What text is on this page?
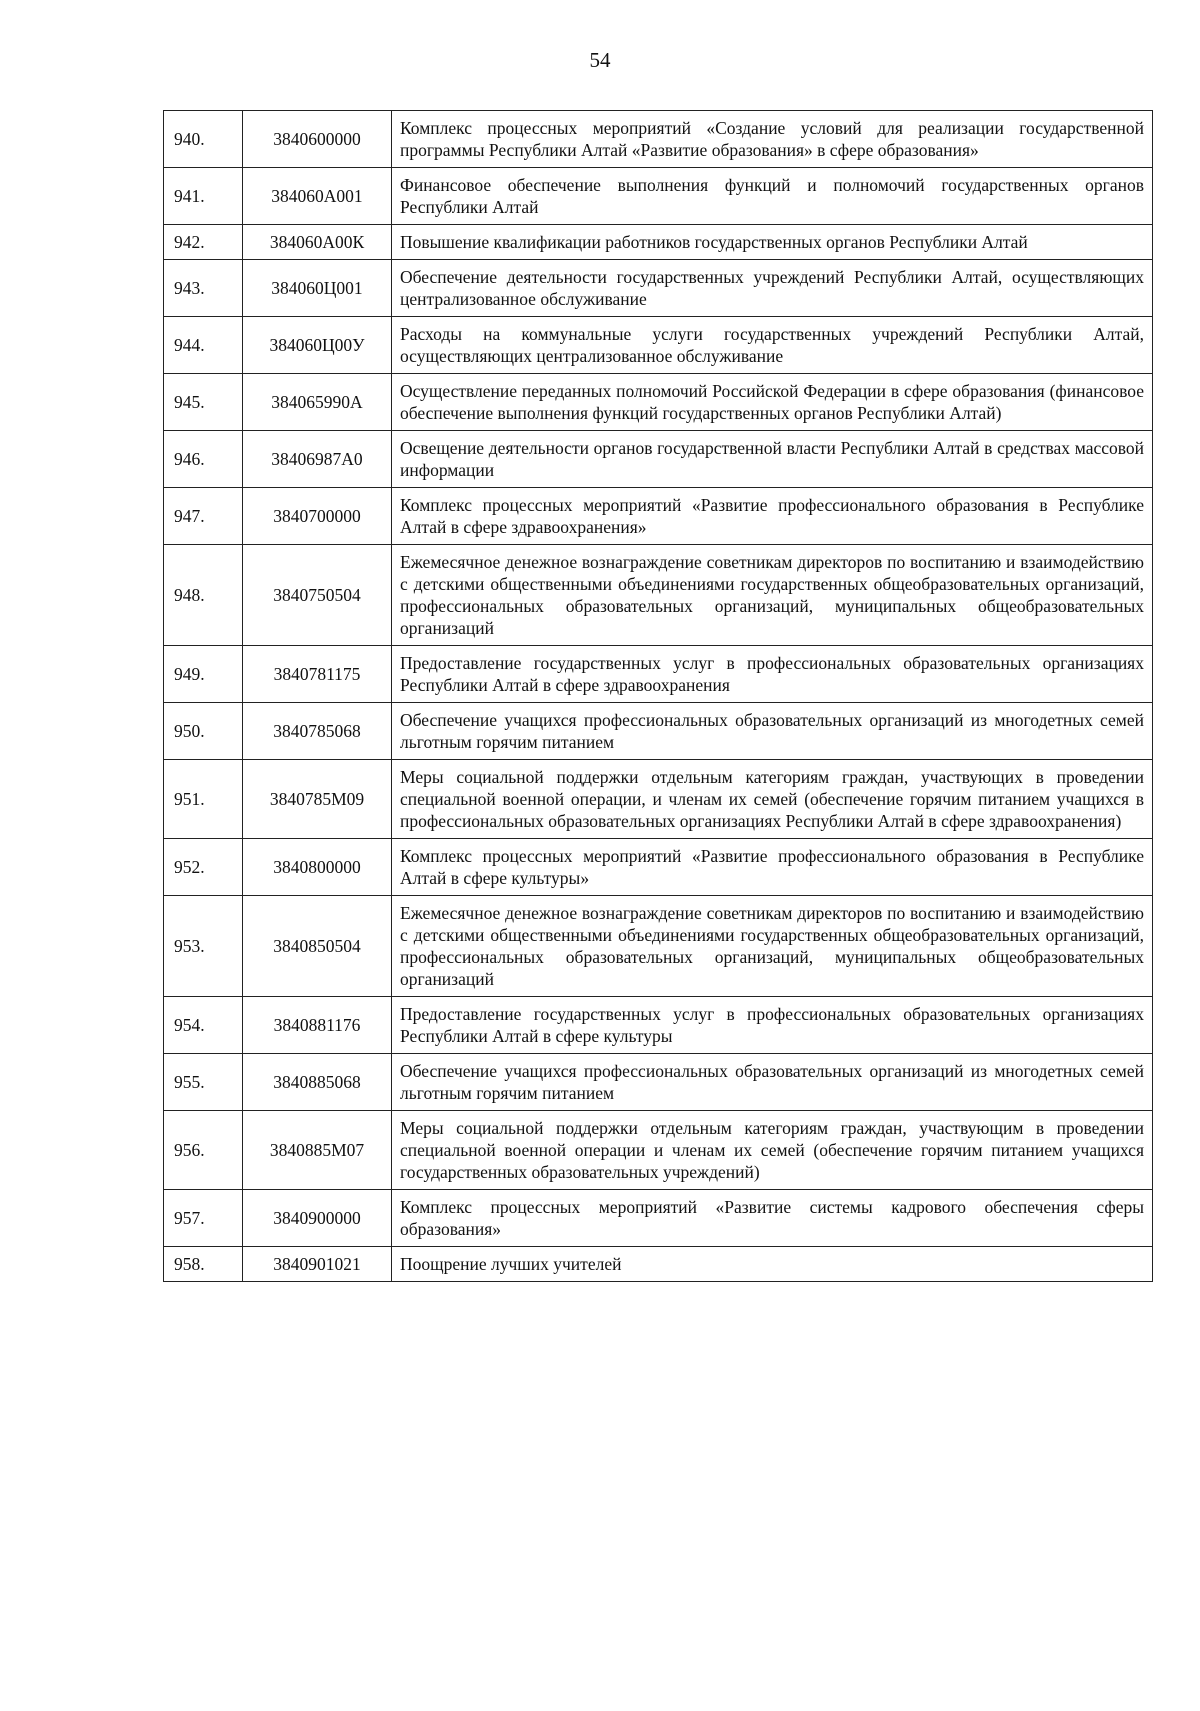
54
940.	3840600000	Комплекс процессных мероприятий «Создание условий для реализации государственной программы Республики Алтай «Развитие образования» в сфере образования»
941.	384060А001	Финансовое обеспечение выполнения функций и полномочий государственных органов Республики Алтай
942.	384060А00К	Повышение квалификации работников государственных органов Республики Алтай
943.	384060Ц001	Обеспечение деятельности государственных учреждений Республики Алтай, осуществляющих централизованное обслуживание
944.	384060Ц00У	Расходы на коммунальные услуги государственных учреждений Республики Алтай, осуществляющих централизованное обслуживание
945.	384065990А	Осуществление переданных полномочий Российской Федерации в сфере образования (финансовое обеспечение выполнения функций государственных органов Республики Алтай)
946.	38406987А0	Освещение деятельности органов государственной власти Республики Алтай в средствах массовой информации
947.	3840700000	Комплекс процессных мероприятий «Развитие профессионального образования в Республике Алтай в сфере здравоохранения»
948.	3840750504	Ежемесячное денежное вознаграждение советникам директоров по воспитанию и взаимодействию с детскими общественными объединениями государственных общеобразовательных организаций, профессиональных образовательных организаций, муниципальных общеобразовательных организаций
949.	3840781175	Предоставление государственных услуг в профессиональных образовательных организациях Республики Алтай в сфере здравоохранения
950.	3840785068	Обеспечение учащихся профессиональных образовательных организаций из многодетных семей льготным горячим питанием
951.	3840785М09	Меры социальной поддержки отдельным категориям граждан, участвующих в проведении специальной военной операции, и членам их семей (обеспечение горячим питанием учащихся в профессиональных образовательных организациях Республики Алтай в сфере здравоохранения)
952.	3840800000	Комплекс процессных мероприятий «Развитие профессионального образования в Республике Алтай в сфере культуры»
953.	3840850504	Ежемесячное денежное вознаграждение советникам директоров по воспитанию и взаимодействию с детскими общественными объединениями государственных общеобразовательных организаций, профессиональных образовательных организаций, муниципальных общеобразовательных организаций
954.	3840881176	Предоставление государственных услуг в профессиональных образовательных организациях Республики Алтай в сфере культуры
955.	3840885068	Обеспечение учащихся профессиональных образовательных организаций из многодетных семей льготным горячим питанием
956.	3840885М07	Меры социальной поддержки отдельным категориям граждан, участвующим в проведении специальной военной операции и членам их семей (обеспечение горячим питанием учащихся государственных образовательных учреждений)
957.	3840900000	Комплекс процессных мероприятий «Развитие системы кадрового обеспечения сферы образования»
958.	3840901021	Поощрение лучших учителей
